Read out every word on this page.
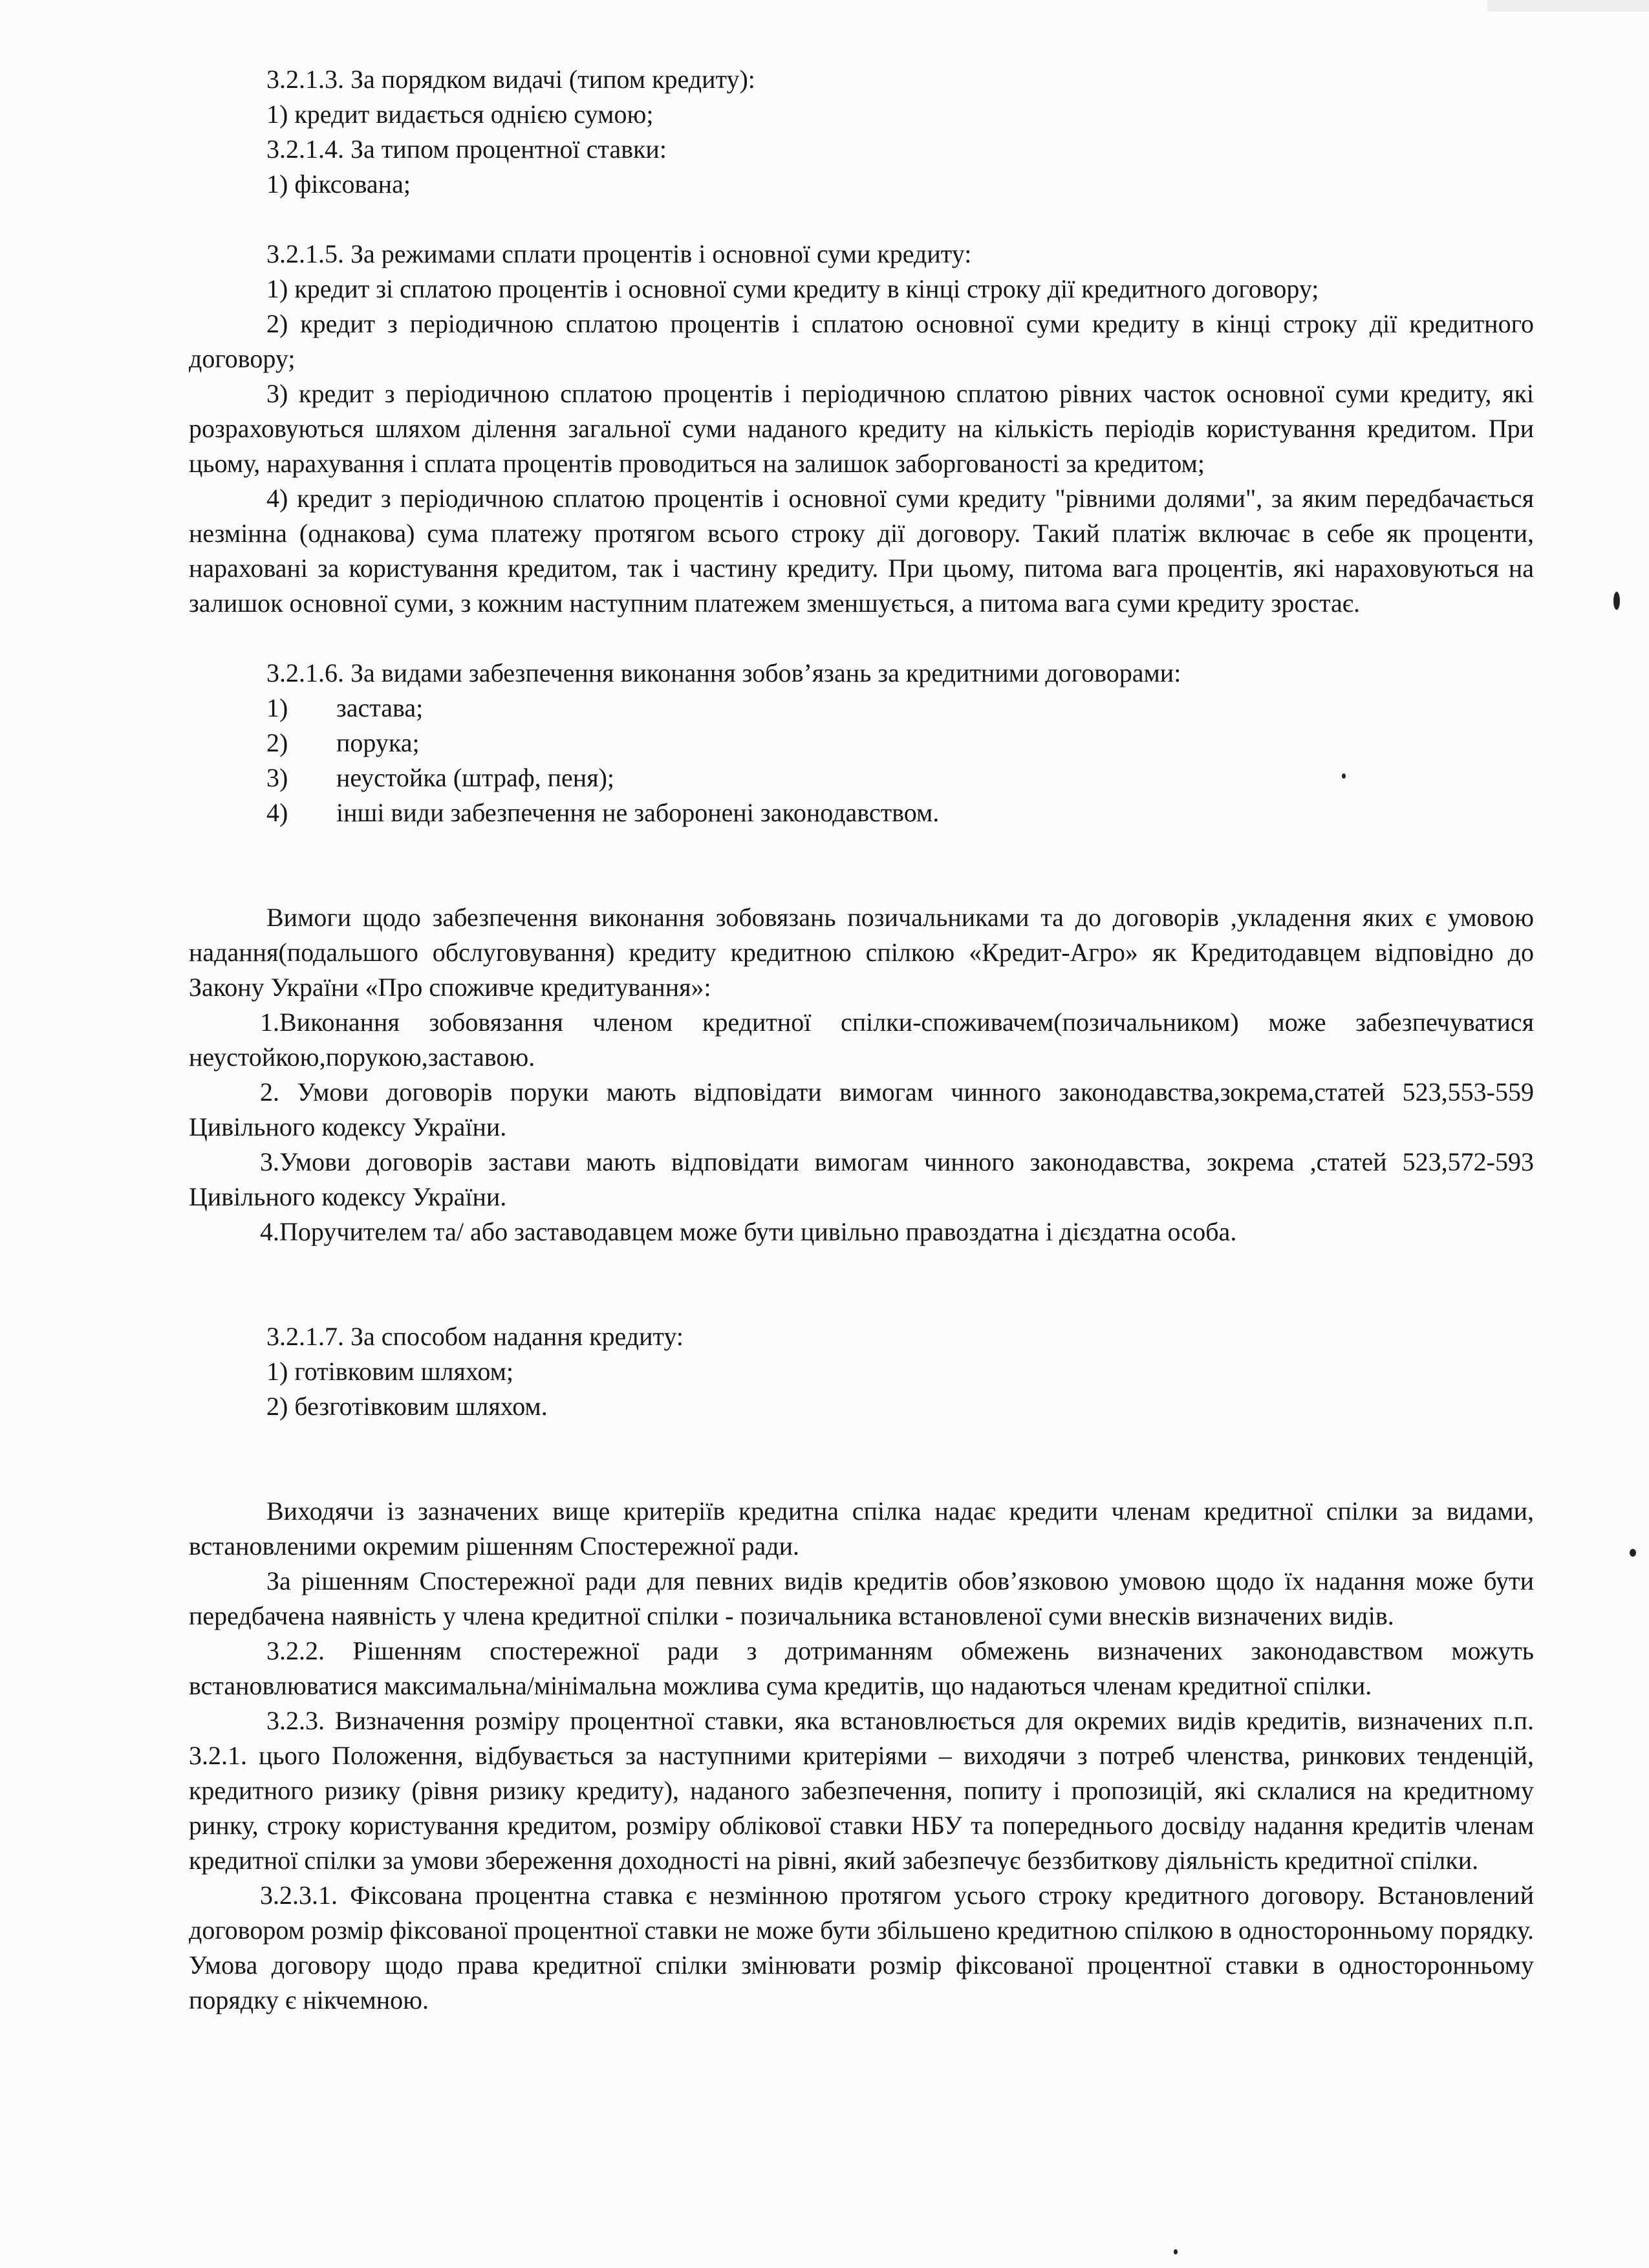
3.2.1.3. За порядком видачі (типом кредиту):

1) кредит видається однією сумою;

3.2.1.4. За типом процентної ставки:

1) фіксована;

3.2.1.5. За режимами сплати процентів і основної суми кредиту:

1) кредит зі сплатою процентів і основної суми кредиту в кінці строку дії кредитного договору;

2) кредит з періодичною сплатою процентів і сплатою основної суми кредиту в кінці строку дії кредитного договору;

3) кредит з періодичною сплатою процентів і періодичною сплатою рівних часток основної суми кредиту, які розраховуються шляхом ділення загальної суми наданого кредиту на кількість періодів користування кредитом. При цьому, нарахування і сплата процентів проводиться на залишок заборгованості за кредитом;

4) кредит з періодичною сплатою процентів і основної суми кредиту "рівними долями", за яким передбачається незмінна (однакова) сума платежу протягом всього строку дії договору. Такий платіж включає в себе як проценти, нараховані за користування кредитом, так і частину кредиту. При цьому, питома вага процентів, які нараховуються на залишок основної суми, з кожним наступним платежем зменшується, а питома вага суми кредиту зростає.

3.2.1.6. За видами забезпечення виконання зобов’язань за кредитними договорами:

1)	застава;
2)	порука;
3)	неустойка (штраф, пеня);
4)	інші види забезпечення не заборонені законодавством.

Вимоги щодо забезпечення виконання зобовязань позичальниками та до договорів ,укладення яких є умовою надання(подальшого обслуговування) кредиту кредитною спілкою «Кредит-Агро» як Кредитодавцем відповідно до Закону України «Про споживче кредитування»:

1.Виконання зобовязання членом кредитної спілки-споживачем(позичальником) може забезпечуватися неустойкою,порукою,заставою.

2. Умови договорів поруки мають відповідати вимогам чинного законодавства,зокрема,статей 523,553-559 Цивільного кодексу України.

3.Умови договорів застави мають відповідати вимогам чинного законодавства, зокрема ,статей 523,572-593 Цивільного кодексу України.

4.Поручителем та/ або заставодавцем може бути цивільно правоздатна і дієздатна особа.

3.2.1.7. За способом надання кредиту:

1) готівковим шляхом;

2) безготівковим шляхом.

Виходячи із зазначених вище критеріїв кредитна спілка надає кредити членам кредитної спілки за видами, встановленими окремим рішенням Спостережної ради.

За рішенням Спостережної ради для певних видів кредитів обов’язковою умовою щодо їх надання може бути передбачена наявність у члена кредитної спілки - позичальника встановленої суми внесків визначених видів.

3.2.2. Рішенням спостережної ради з дотриманням обмежень визначених законодавством можуть встановлюватися максимальна/мінімальна можлива сума кредитів, що надаються членам кредитної спілки.

3.2.3. Визначення розміру процентної ставки, яка встановлюється для окремих видів кредитів, визначених п.п. 3.2.1. цього Положення, відбувається за наступними критеріями – виходячи з потреб членства, ринкових тенденцій, кредитного ризику (рівня ризику кредиту), наданого забезпечення, попиту і пропозицій, які склалися на кредитному ринку, строку користування кредитом, розміру облікової ставки НБУ та попереднього досвіду надання кредитів членам кредитної спілки за умови збереження доходності на рівні, який забезпечує беззбиткову діяльність кредитної спілки.

3.2.3.1. Фіксована процентна ставка є незмінною протягом усього строку кредитного договору. Встановлений договором розмір фіксованої процентної ставки не може бути збільшено кредитною спілкою в односторонньому порядку. Умова договору щодо права кредитної спілки змінювати розмір фіксованої процентної ставки в односторонньому порядку є нікчемною.
